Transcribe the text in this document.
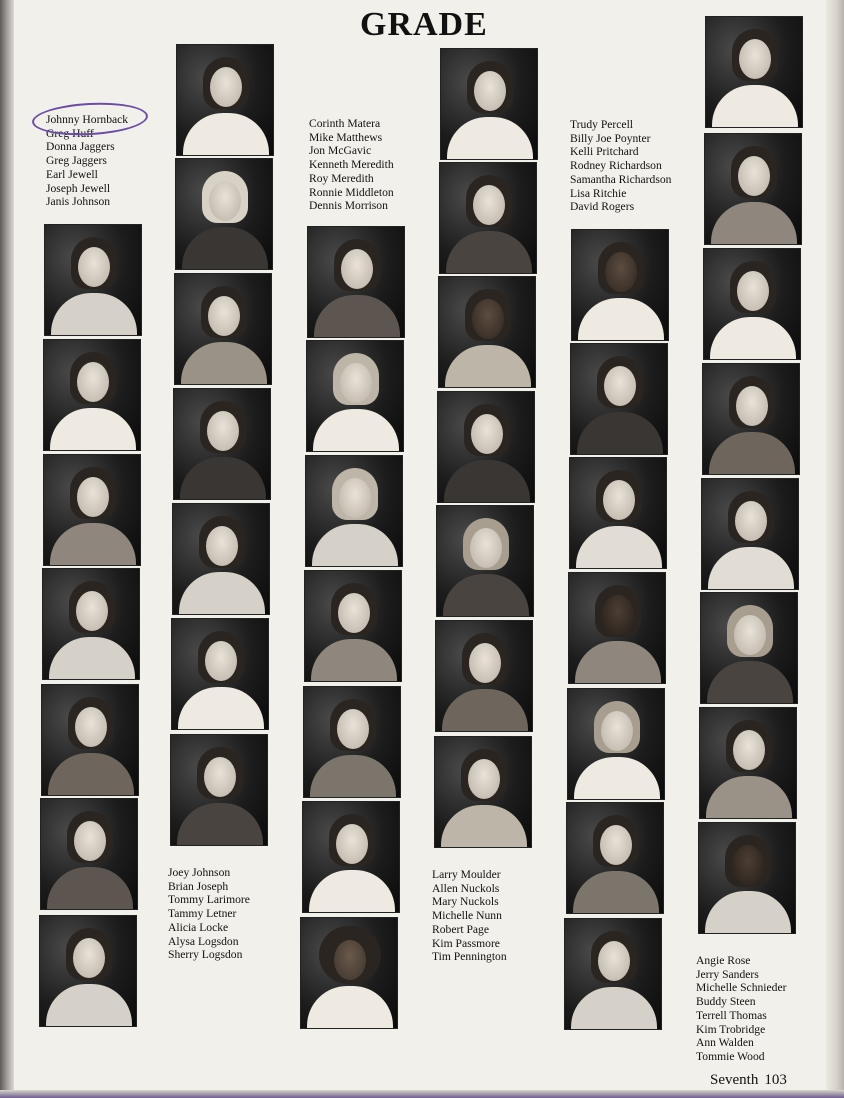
GRADE
Johnny Hornback
Greg Huff
Donna Jaggers
Greg Jaggers
Earl Jewell
Joseph Jewell
Janis Johnson
Joey Johnson
Brian Joseph
Tommy Larimore
Tammy Letner
Alicia Locke
Alysa Logsdon
Sherry Logsdon
Corinth Matera
Mike Matthews
Jon McGavic
Kenneth Meredith
Roy Meredith
Ronnie Middleton
Dennis Morrison
Larry Moulder
Allen Nuckols
Mary Nuckols
Michelle Nunn
Robert Page
Kim Passmore
Tim Pennington
Trudy Percell
Billy Joe Poynter
Kelli Pritchard
Rodney Richardson
Samantha Richardson
Lisa Ritchie
David Rogers
Angie Rose
Jerry Sanders
Michelle Schnieder
Buddy Steen
Terrell Thomas
Kim Trobridge
Ann Walden
Tommie Wood
Seventh 103
